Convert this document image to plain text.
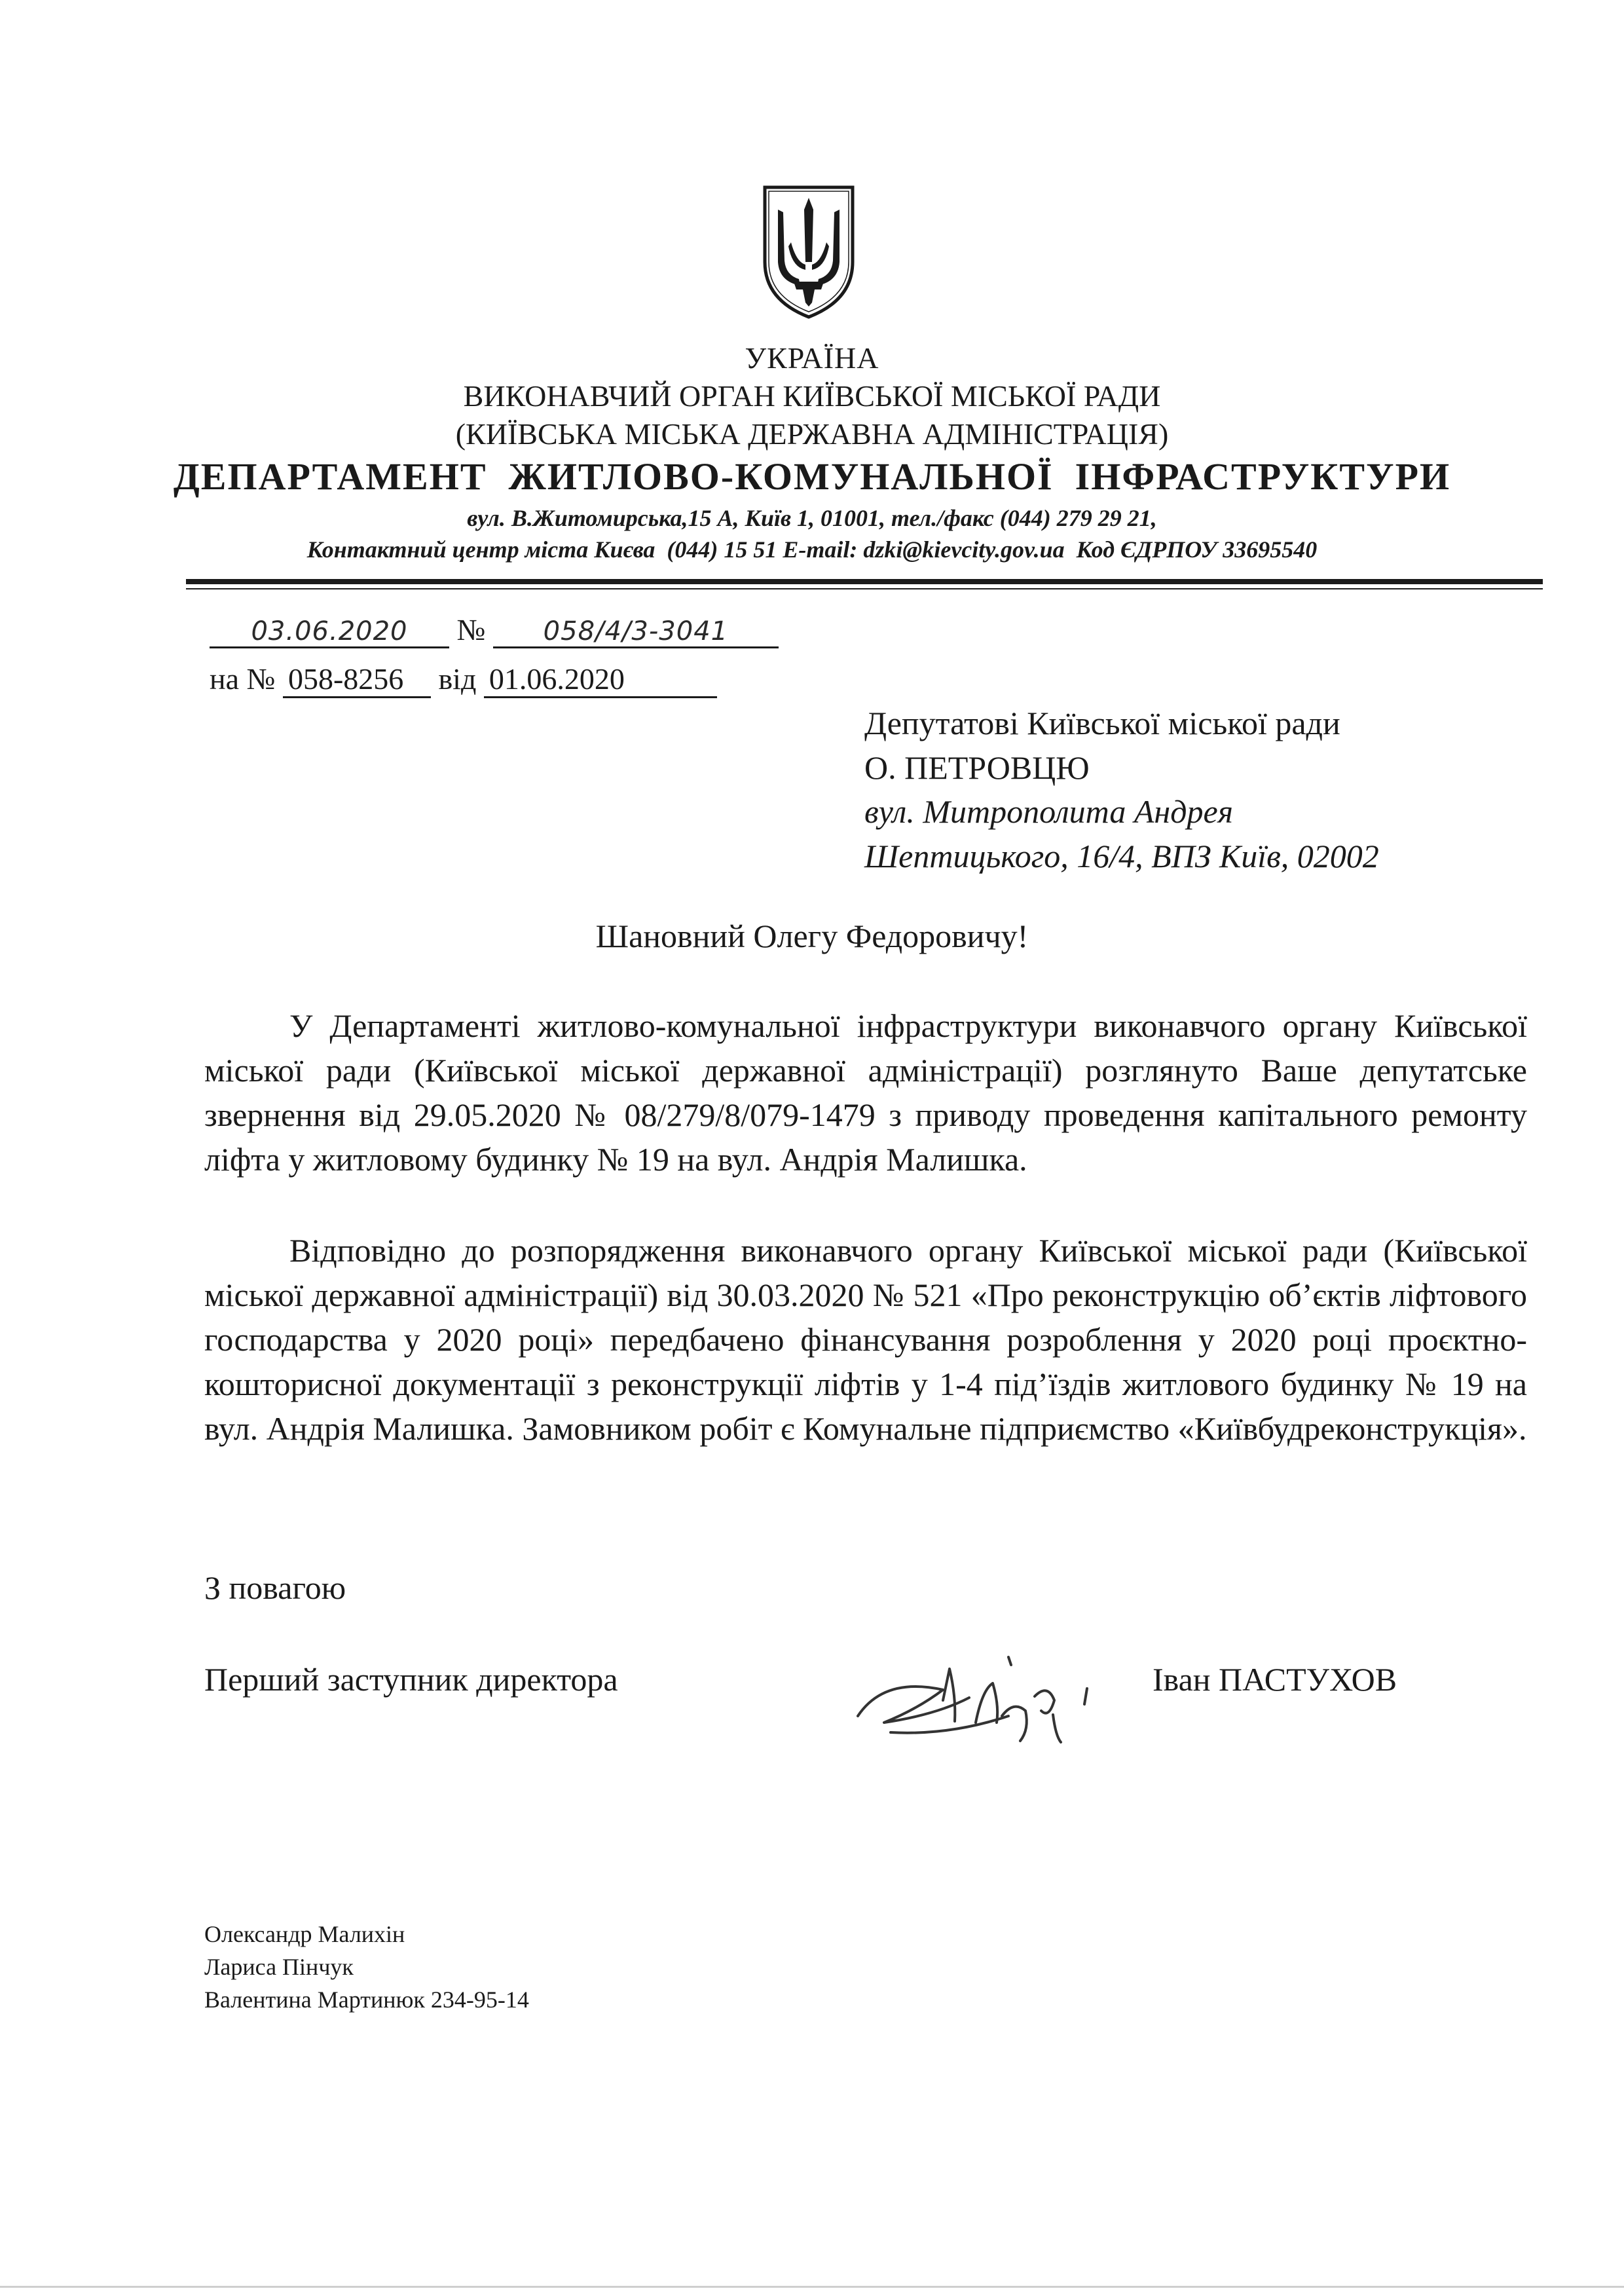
УКРАЇНА
ВИКОНАВЧИЙ ОРГАН КИЇВСЬКОЇ МІСЬКОЇ РАДИ
(КИЇВСЬКА МІСЬКА ДЕРЖАВНА АДМІНІСТРАЦІЯ)
ДЕПАРТАМЕНТ  ЖИТЛОВО-КОМУНАЛЬНОЇ  ІНФРАСТРУКТУРИ
вул. В.Житомирська,15 А, Київ 1, 01001, тел./факс (044) 279 29 21,
Контактний центр міста Києва  (044) 15 51 E-mail: dzki@kievcity.gov.ua  Код ЄДРПОУ 33695540
03.06.2020 № 058/4/3-3041
на № 058-8256 від 01.06.2020
Депутатові Київської міської ради
О. ПЕТРОВЦЮ
вул. Митрополита Андрея
Шептицького, 16/4, ВПЗ Київ, 02002
Шановний Олегу Федоровичу!

У Департаменті житлово-комунальної інфраструктури виконавчого органу Київської міської ради (Київської міської державної адміністрації) розглянуто Ваше депутатське звернення від 29.05.2020 № 08/279/8/079-1479 з приводу проведення капітального ремонту ліфта у житловому будинку № 19 на вул. Андрія Малишка.

Відповідно до розпорядження виконавчого органу Київської міської ради (Київської міської державної адміністрації) від 30.03.2020 № 521 «Про реконструкцію об’єктів ліфтового господарства у 2020 році» передбачено фінансування розроблення у 2020 році проєктно-кошторисної документації з реконструкції ліфтів у 1-4 під’їздів житлового будинку № 19 на вул. Андрія Малишка. Замовником робіт є Комунальне підприємство «Київбудреконструкція».

З повагою
Перший заступник директора	Іван ПАСТУХОВ
Олександр Малихін
Лариса Пінчук
Валентина Мартинюк 234-95-14
